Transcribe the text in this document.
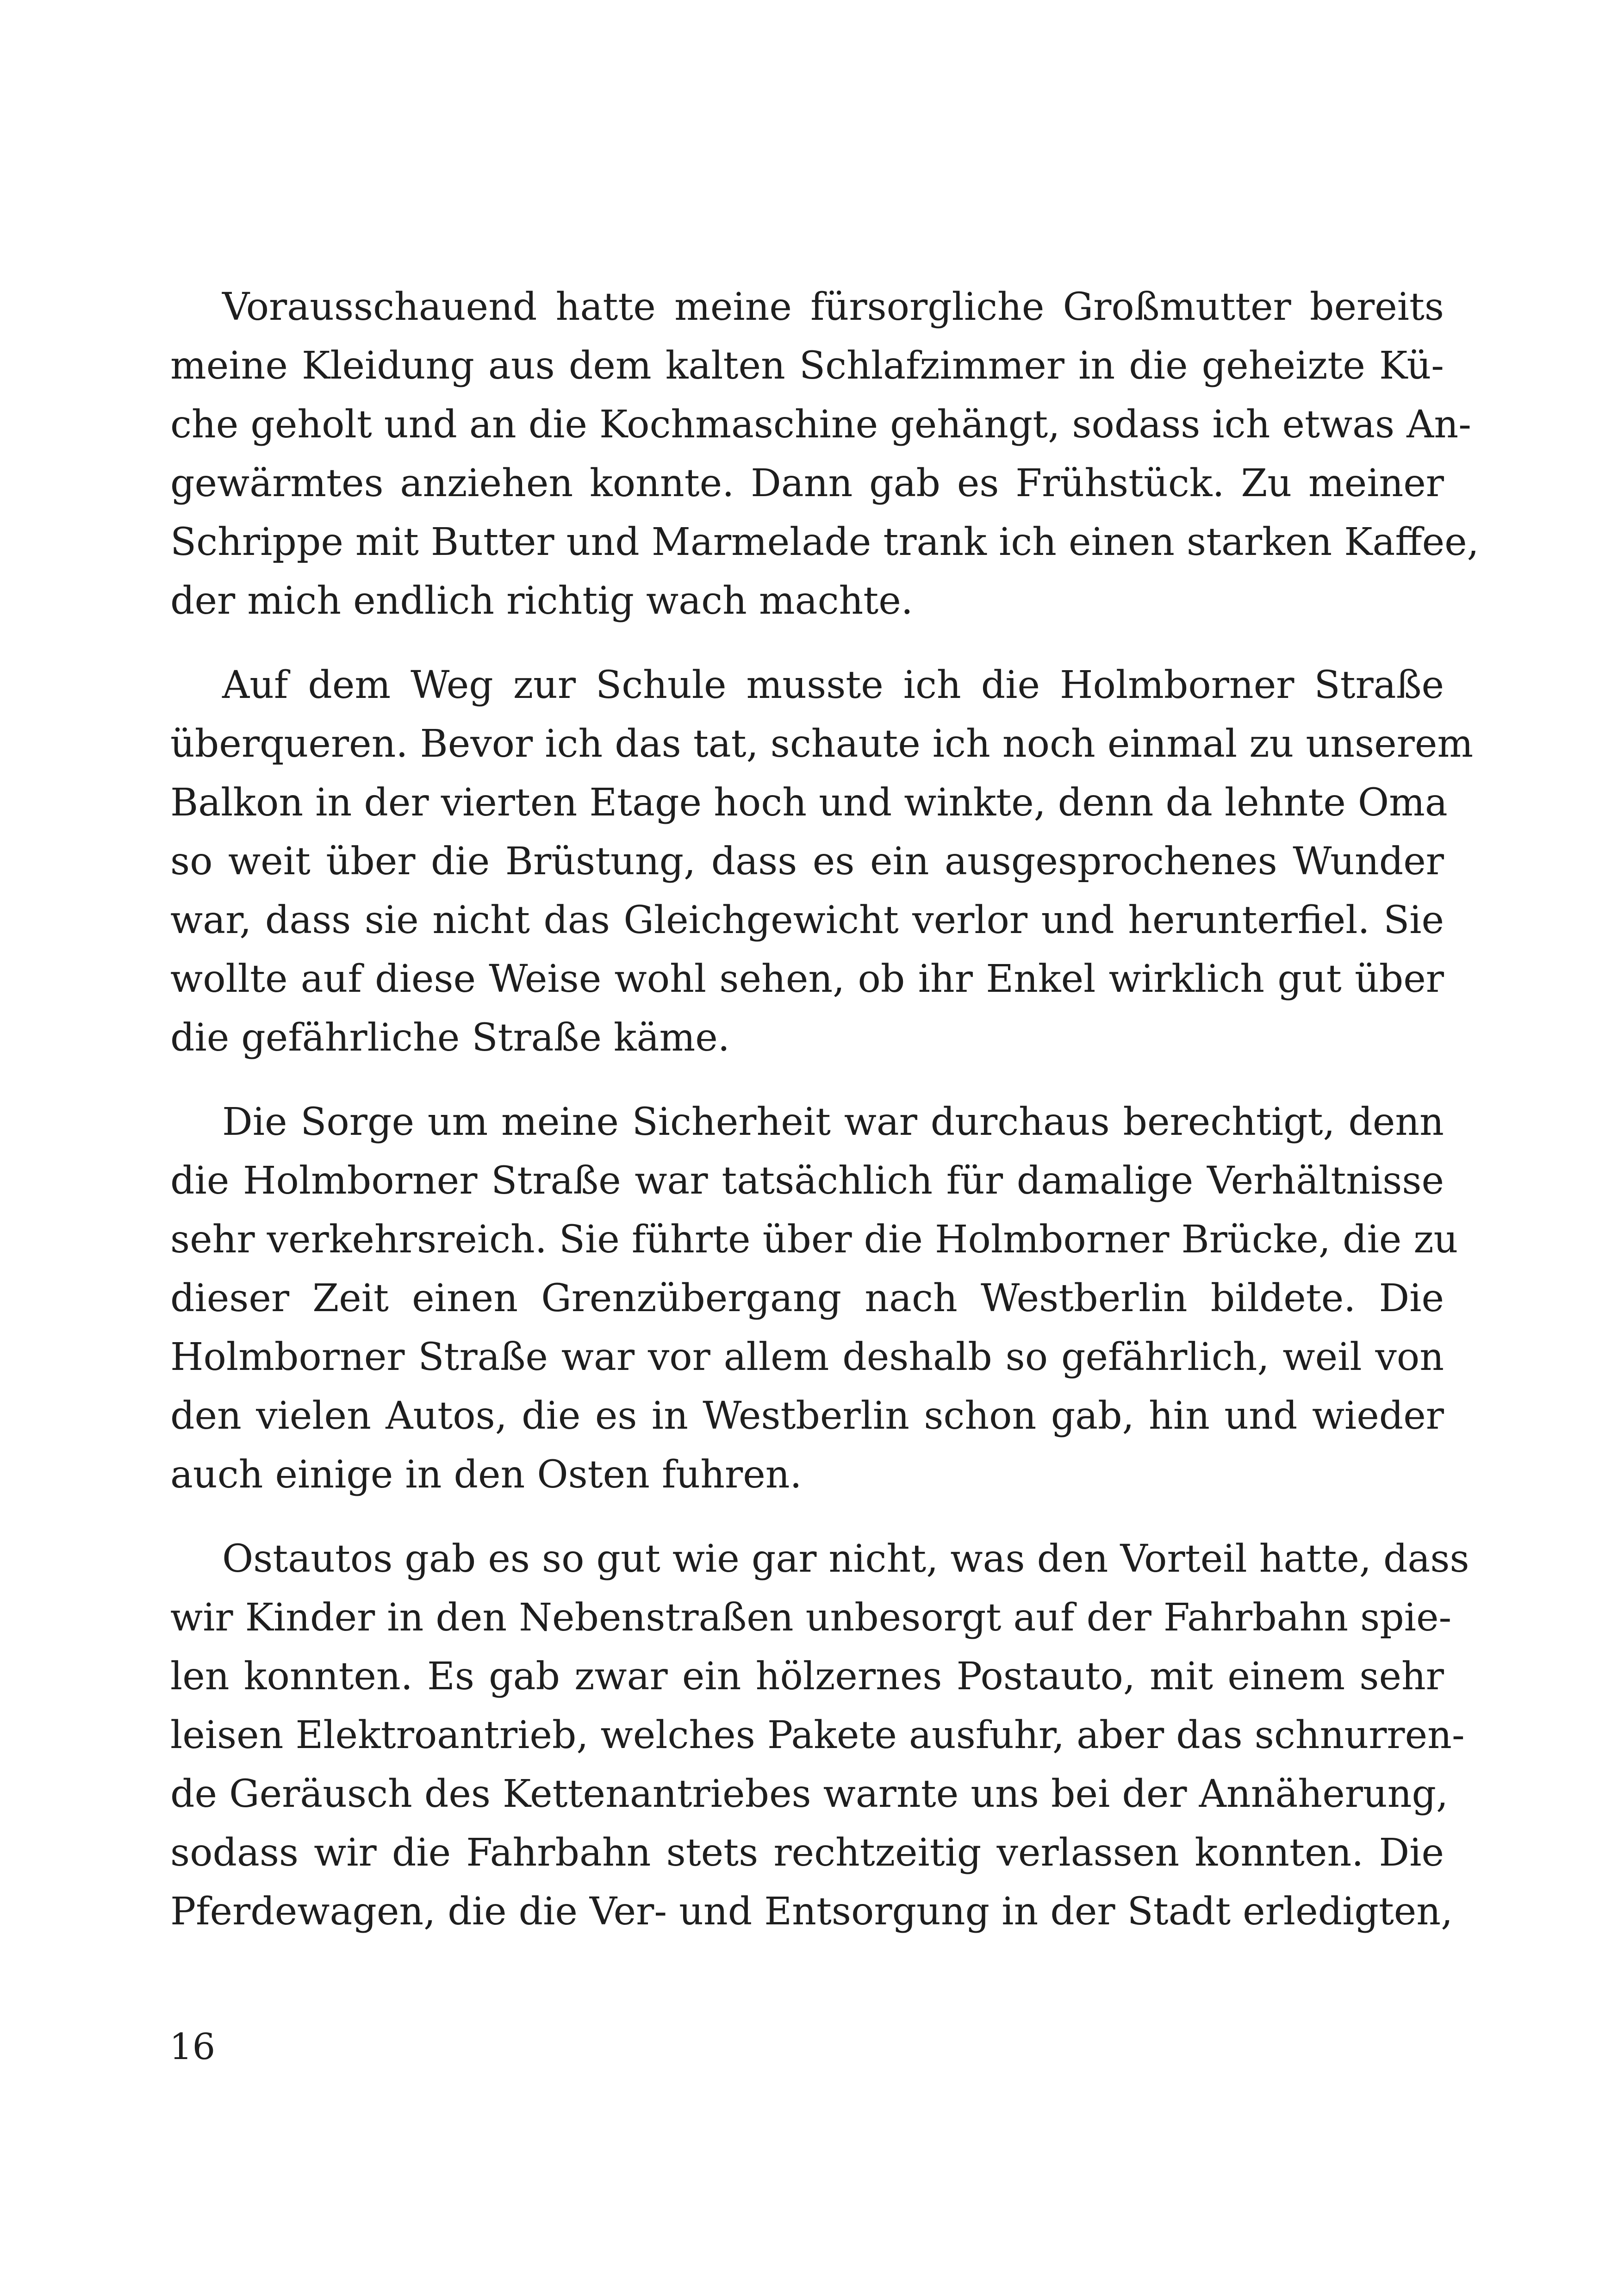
Vorausschauend hatte meine fürsorgliche Großmutter bereits
meine Kleidung aus dem kalten Schlafzimmer in die geheizte Kü-
che geholt und an die Kochmaschine gehängt, sodass ich etwas An-
gewärmtes anziehen konnte. Dann gab es Frühstück. Zu meiner
Schrippe mit Butter und Marmelade trank ich einen starken Kaffee,
der mich endlich richtig wach machte.

Auf dem Weg zur Schule musste ich die Holmborner Straße
überqueren. Bevor ich das tat, schaute ich noch einmal zu unserem
Balkon in der vierten Etage hoch und winkte, denn da lehnte Oma
so weit über die Brüstung, dass es ein ausgesprochenes Wunder
war, dass sie nicht das Gleichgewicht verlor und herunterfiel. Sie
wollte auf diese Weise wohl sehen, ob ihr Enkel wirklich gut über
die gefährliche Straße käme.

Die Sorge um meine Sicherheit war durchaus berechtigt, denn
die Holmborner Straße war tatsächlich für damalige Verhältnisse
sehr verkehrsreich. Sie führte über die Holmborner Brücke, die zu
dieser Zeit einen Grenzübergang nach Westberlin bildete. Die
Holmborner Straße war vor allem deshalb so gefährlich, weil von
den vielen Autos, die es in Westberlin schon gab, hin und wieder
auch einige in den Osten fuhren.

Ostautos gab es so gut wie gar nicht, was den Vorteil hatte, dass
wir Kinder in den Nebenstraßen unbesorgt auf der Fahrbahn spie-
len konnten. Es gab zwar ein hölzernes Postauto, mit einem sehr
leisen Elektroantrieb, welches Pakete ausfuhr, aber das schnurren-
de Geräusch des Kettenantriebes warnte uns bei der Annäherung,
sodass wir die Fahrbahn stets rechtzeitig verlassen konnten. Die
Pferdewagen, die die Ver- und Entsorgung in der Stadt erledigten,

16
